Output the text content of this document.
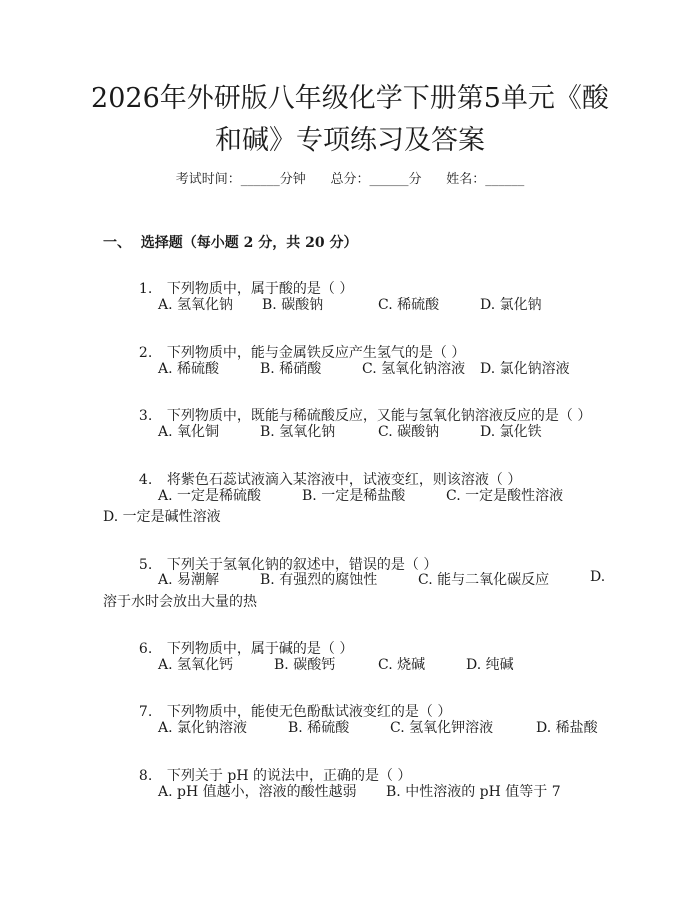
2026年外研版八年级化学下册第5单元《酸
和碱》专项练习及答案
考试时间：______分钟      总分：______分      姓名：______
一、  选择题（每小题 2 分，共 20 分）

1. 下列物质中，属于酸的是（ ）

A. 氢氧化钠 B. 碳酸钠	C. 稀硫酸	D. 氯化钠

2. 下列物质中，能与金属铁反应产生氢气的是（ ）

A. 稀硫酸	B. 稀硝酸	C. 氢氧化钠溶液 D. 氯化钠溶液

3. 下列物质中，既能与稀硫酸反应，又能与氢氧化钠溶液反应的是（ ）

A. 氧化铜	B. 氢氧化钠	C. 碳酸钠	D. 氯化铁

4. 将紫色石蕊试液滴入某溶液中，试液变红，则该溶液（ ）

A. 一定是稀硫酸	B. 一定是稀盐酸	C. 一定是酸性溶液
D. 一定是碱性溶液

5. 下列关于氢氧化钠的叙述中，错误的是（ ）

A. 易潮解	B. 有强烈的腐蚀性	C. 能与二氧化碳反应	D.
溶于水时会放出大量的热

6. 下列物质中，属于碱的是（ ）

A. 氢氧化钙	B. 碳酸钙	C. 烧碱	D. 纯碱

7. 下列物质中，能使无色酚酞试液变红的是（ ）

A. 氯化钠溶液	B. 稀硫酸	C. 氢氧化钾溶液	D. 稀盐酸

8. 下列关于 pH 的说法中，正确的是（ ）

A. pH 值越小，溶液的酸性越弱 B. 中性溶液的 pH 值等于 7
